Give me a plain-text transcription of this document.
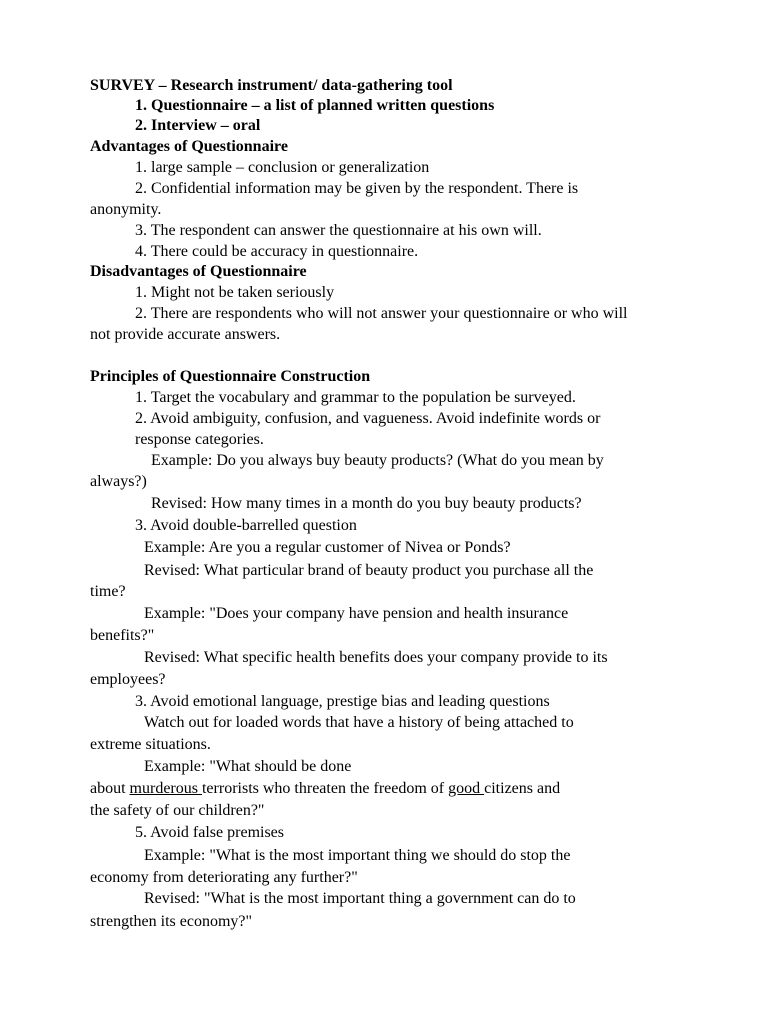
SURVEY – Research instrument/ data-gathering tool
1. Questionnaire – a list of planned written questions
2. Interview – oral
Advantages of Questionnaire
1. large sample – conclusion or generalization
2. Confidential information may be given by the respondent. There is
anonymity.
3. The respondent can answer the questionnaire at his own will.
4. There could be accuracy in questionnaire.
Disadvantages of Questionnaire
1. Might not be taken seriously
2. There are respondents who will not answer your questionnaire or who will
not provide accurate answers.
Principles of Questionnaire Construction
1. Target the vocabulary and grammar to the population be surveyed.
2. Avoid ambiguity, confusion, and vagueness. Avoid indefinite words or
response categories.
Example: Do you always buy beauty products? (What do you mean by
always?)
Revised: How many times in a month do you buy beauty products?
3. Avoid double-barrelled question
Example: Are you a regular customer of Nivea or Ponds?
Revised: What particular brand of beauty product you purchase all the
time?
Example: "Does your company have pension and health insurance
benefits?"
Revised: What specific health benefits does your company provide to its
employees?
3. Avoid emotional language, prestige bias and leading questions
Watch out for loaded words that have a history of being attached to
extreme situations.
Example: "What should be done
about murderous terrorists who threaten the freedom of good citizens and
the safety of our children?"
5. Avoid false premises
Example: "What is the most important thing we should do stop the
economy from deteriorating any further?"
Revised: "What is the most important thing a government can do to
strengthen its economy?"
